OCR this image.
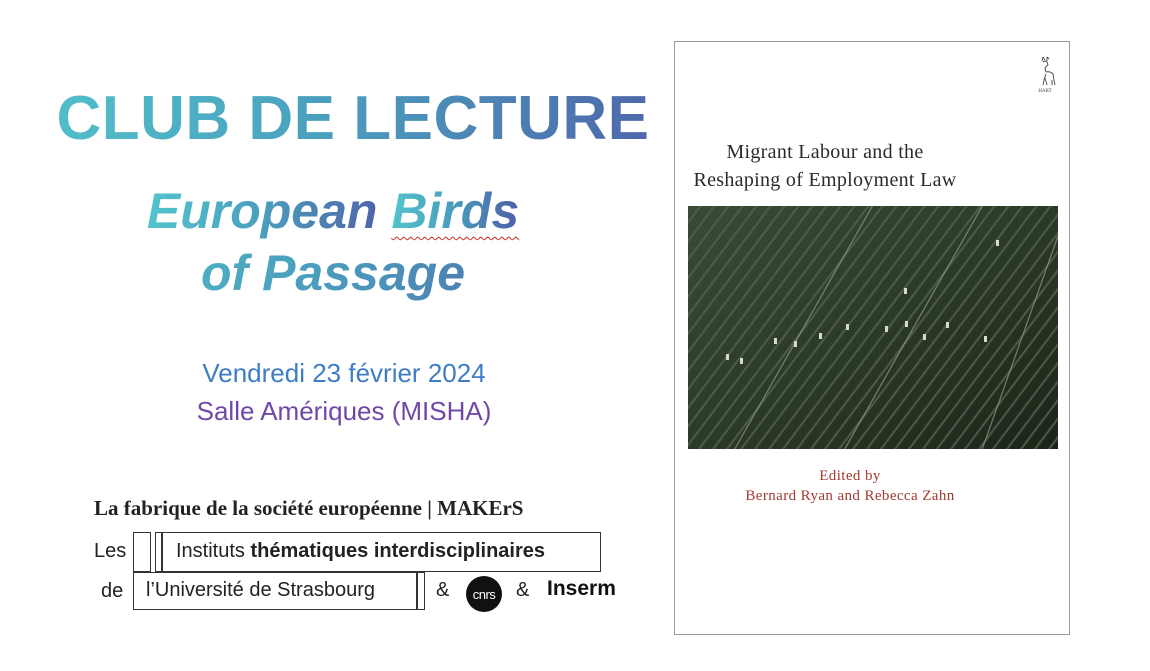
CLUB DE LECTURE
European Birds
of Passage
Vendredi 23 février 2024
Salle Amériques (MISHA)
La fabrique de la société européenne | MAKErS
Les
de
Instituts thématiques interdisciplinaires
l’Université de Strasbourg	&	cnrs	& Inserm
HART
Migrant Labour and the
Reshaping of Employment Law
Edited by
Bernard Ryan and Rebecca Zahn
